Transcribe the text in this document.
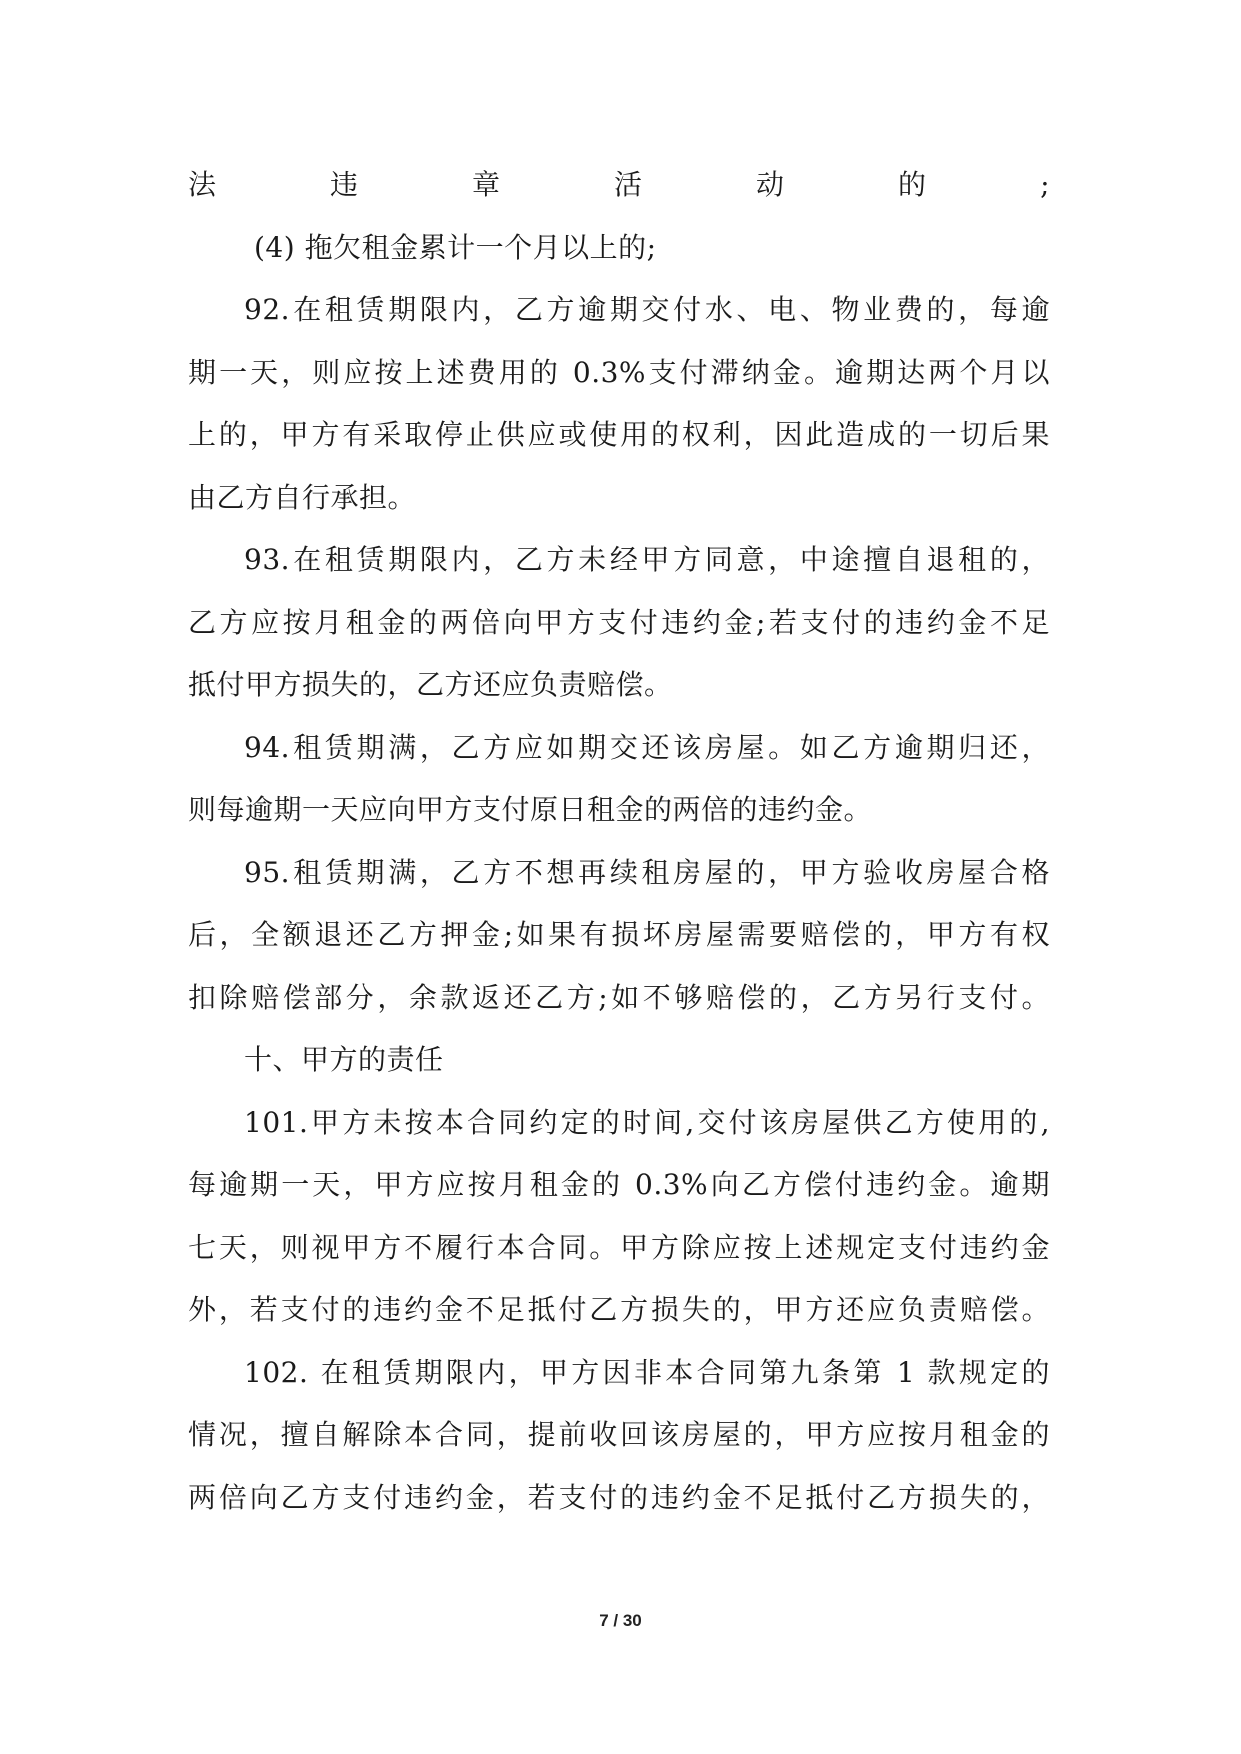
法违章活动的;
(4) 拖欠租金累计一个月以上的;
92.在租赁期限内，乙方逾期交付水、电、物业费的，每逾
期一天，则应按上述费用的 0.3%支付滞纳金。逾期达两个月以
上的，甲方有采取停止供应或使用的权利，因此造成的一切后果
由乙方自行承担。
93.在租赁期限内，乙方未经甲方同意，中途擅自退租的，
乙方应按月租金的两倍向甲方支付违约金;若支付的违约金不足
抵付甲方损失的，乙方还应负责赔偿。
94.租赁期满，乙方应如期交还该房屋。如乙方逾期归还，
则每逾期一天应向甲方支付原日租金的两倍的违约金。
95.租赁期满，乙方不想再续租房屋的，甲方验收房屋合格
后，全额退还乙方押金;如果有损坏房屋需要赔偿的，甲方有权
扣除赔偿部分，余款返还乙方;如不够赔偿的，乙方另行支付。
十、甲方的责任
101.甲方未按本合同约定的时间,交付该房屋供乙方使用的,
每逾期一天，甲方应按月租金的 0.3%向乙方偿付违约金。逾期
七天，则视甲方不履行本合同。甲方除应按上述规定支付违约金
外，若支付的违约金不足抵付乙方损失的，甲方还应负责赔偿。
102. 在租赁期限内，甲方因非本合同第九条第 1 款规定的
情况，擅自解除本合同，提前收回该房屋的，甲方应按月租金的
两倍向乙方支付违约金，若支付的违约金不足抵付乙方损失的，
7 / 30
